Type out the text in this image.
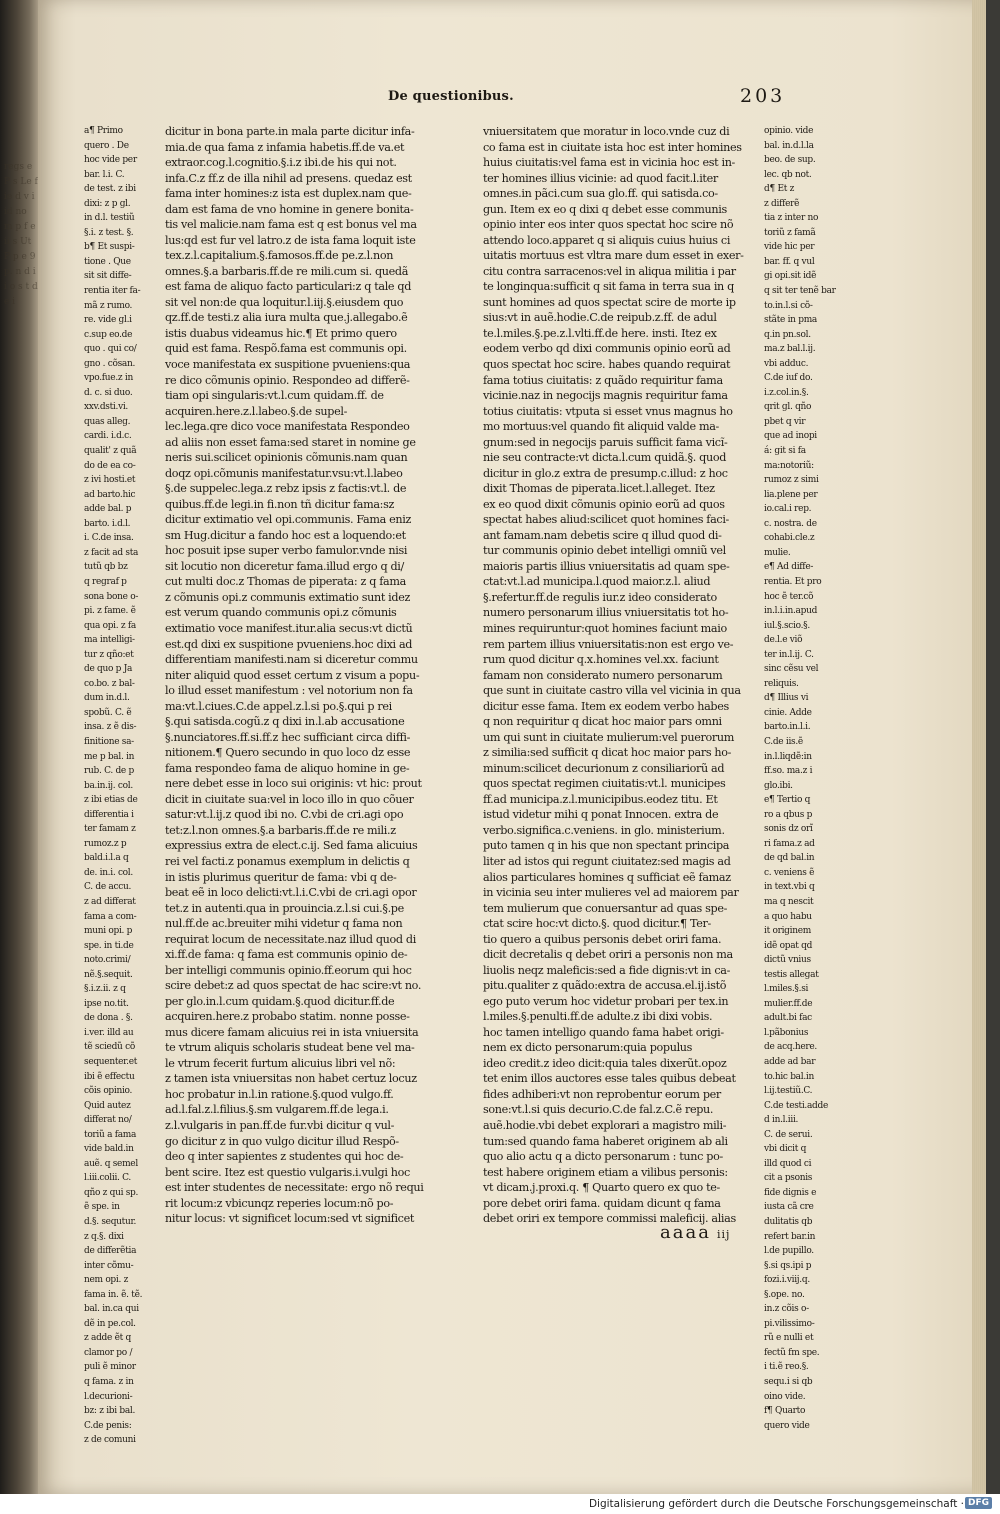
regs e P s Le fie d v i id no m p f e ii s Ut P p e 9 p. n d ii o s t d e i
De questionibus.	203
a¶ Primo
quero . De
hoc vide per
bar. l.i. C.
de test. z ibi
dixi: z p gl.
in d.l. testiũ
§.i. z test. §.
b¶ Et suspi-
tione . Que
sit sit diffe-
rentia iter fa-
mã z rumo.
re. vide gl.i
c.sup eo.de
quo . qui co/
gno . cõsan.
vpo.fue.z in
d. c. si duo.
xxv.dsti.vi.
quas alleg.
cardi. i.d.c.
qualit' z quã
do de ea co-
z ivi hosti.et
ad barto.hic
adde bal. p
barto. i.d.l.
i. C.de insa.
z facit ad sta
tutũ qb bz
q regraf p
sona bone o-
pi. z fame. ẽ
qua opi. z fa
ma intelligi-
tur z qño:et
de quo p Ja
co.bo. z bal-
dum in.d.l.
spobũ. C. ẽ
insa. z ẽ dis-
finitione sa-
me p bal. in
rub. C. de p
ba.in.ij. col.
z ibi etias de
differentia i
ter famam z
rumoz.z p
bald.i.l.a q
de. in.i. col.
C. de accu.
z ad differat
fama a com-
muni opi. p
spe. in ti.de
noto.crimi/
nẽ.§.sequit.
§.i.z.ii. z q
ipse no.tit.
de dona . §.
i.ver. illd au
tẽ sciedũ cõ
sequenter.et
ibi ẽ effectu
cõis opinio.
Quid autez
differat no/
toriũ a fama
vide bald.in
auẽ. q semel
l.iii.colii. C.
qño z qui sp.
ẽ spe. in
d.§. sequtur.
z q.§. dixi
de differẽtia
inter cõmu-
nem opi. z
fama in. ẽ. tẽ.
bal. in.ca qui
dẽ in pe.col.
z adde ẽt q
clamor po /
puli ẽ minor
q fama. z in
l.decurioni-
bz: z ibi bal.
C.de penis:
z de comuni
dicitur in bona parte.in mala parte dicitur infa-
mia.de qua fama z infamia habetis.ff.de va.et
extraor.cog.l.cognitio.§.i.z ibi.de his qui not.
infa.C.z ff.z de illa nihil ad presens. quedaz est
fama inter homines:z ista est duplex.nam que-
dam est fama de vno homine in genere bonita-
tis vel malicie.nam fama est q est bonus vel ma
lus:qd est fur vel latro.z de ista fama loquit iste
tex.z.l.capitalium.§.famosos.ff.de pe.z.l.non
omnes.§.a barbaris.ff.de re mili.cum si. quedã
est fama de aliquo facto particulari:z q tale qd
sit vel non:de qua loquitur.l.iij.§.eiusdem quo
qz.ff.de testi.z alia iura multa que.j.allegabo.ẽ
istis duabus videamus hic.¶ Et primo quero
quid est fama. Respõ.fama est communis opi.
voce manifestata ex suspitione pvueniens:qua
re dico cõmunis opinio. Respondeo ad differẽ-
tiam opi singularis:vt.l.cum quidam.ff. de
acquiren.here.z.l.labeo.§.de supel-
lec.lega.qre dico voce manifestata Respondeo
ad aliis non esset fama:sed staret in nomine ge
neris sui.scilicet opinionis cõmunis.nam quan
doqz opi.cõmunis manifestatur.vsu:vt.l.labeo
§.de suppelec.lega.z rebz ipsis z factis:vt.l. de
quibus.ff.de legi.in fi.non tñ dicitur fama:sz
dicitur extimatio vel opi.communis. Fama eniz
sm Hug.dicitur a fando hoc est a loquendo:et
hoc posuit ipse super verbo famulor.vnde nisi
sit locutio non diceretur fama.illud ergo q di/
cut multi doc.z Thomas de piperata: z q fama
z cõmunis opi.z communis extimatio sunt idez
est verum quando communis opi.z cõmunis
extimatio voce manifest.itur.alia secus:vt dictũ
est.qd dixi ex suspitione pvueniens.hoc dixi ad
differentiam manifesti.nam si diceretur commu
niter aliquid quod esset certum z visum a popu-
lo illud esset manifestum : vel notorium non fa
ma:vt.l.ciues.C.de appel.z.l.si po.§.qui p rei
§.qui satisda.cogũ.z q dixi in.l.ab accusatione
§.nunciatores.ff.si.ff.z hec sufficiant circa diffi-
nitionem.¶ Quero secundo in quo loco dz esse
fama respondeo fama de aliquo homine in ge-
nere debet esse in loco sui originis: vt hic: prout
dicit in ciuitate sua:vel in loco illo in quo cõuer
satur:vt.l.ij.z quod ibi no. C.vbi de cri.agi opo
tet:z.l.non omnes.§.a barbaris.ff.de re mili.z
expressius extra de elect.c.ij. Sed fama alicuius
rei vel facti.z ponamus exemplum in delictis q
in istis plurimus queritur de fama: vbi q de-
beat eẽ in loco delicti:vt.l.i.C.vbi de cri.agi opor
tet.z in autenti.qua in prouincia.z.l.si cui.§.pe
nul.ff.de ac.breuiter mihi videtur q fama non
requirat locum de necessitate.naz illud quod di
xi.ff.de fama: q fama est communis opinio de-
ber intelligi communis opinio.ff.eorum qui hoc
scire debet:z ad quos spectat de hac scire:vt no.
per glo.in.l.cum quidam.§.quod dicitur.ff.de
acquiren.here.z probabo statim. nonne posse-
mus dicere famam alicuius rei in ista vniuersita
te vtrum aliquis scholaris studeat bene vel ma-
le vtrum fecerit furtum alicuius libri vel nõ:
z tamen ista vniuersitas non habet certuz locuz
hoc probatur in.l.in ratione.§.quod vulgo.ff.
ad.l.fal.z.l.filius.§.sm vulgarem.ff.de lega.i.
z.l.vulgaris in pan.ff.de fur.vbi dicitur q vul-
go dicitur z in quo vulgo dicitur illud Respõ-
deo q inter sapientes z studentes qui hoc de-
bent scire. Itez est questio vulgaris.i.vulgi hoc
est inter studentes de necessitate: ergo nõ requi
rit locum:z vbicunqz reperies locum:nõ po-
nitur locus: vt significet locum:sed vt significet
vniuersitatem que moratur in loco.vnde cuz di
co fama est in ciuitate ista hoc est inter homines
huius ciuitatis:vel fama est in vicinia hoc est in-
ter homines illius vicinie: ad quod facit.l.iter
omnes.in pãci.cum sua glo.ff. qui satisda.co-
gun. Item ex eo q dixi q debet esse communis
opinio inter eos inter quos spectat hoc scire nõ
attendo loco.apparet q si aliquis cuius huius ci
uitatis mortuus est vltra mare dum esset in exer-
citu contra sarracenos:vel in aliqua militia i par
te longinqua:sufficit q sit fama in terra sua in q
sunt homines ad quos spectat scire de morte ip
sius:vt in auẽ.hodie.C.de reipub.z.ff. de adul
te.l.miles.§.pe.z.l.vlti.ff.de here. insti. Itez ex
eodem verbo qd dixi communis opinio eorũ ad
quos spectat hoc scire. habes quando requirat
fama totius ciuitatis: z quãdo requiritur fama
vicinie.naz in negocijs magnis requiritur fama
totius ciuitatis: vtputa si esset vnus magnus ho
mo mortuus:vel quando fit aliquid valde ma-
gnum:sed in negocijs paruis sufficit fama vicĩ-
nie seu contracte:vt dicta.l.cum quidã.§. quod
dicitur in glo.z extra de presump.c.illud: z hoc
dixit Thomas de piperata.licet.l.alleget. Itez
ex eo quod dixit cõmunis opinio eorũ ad quos
spectat habes aliud:scilicet quot homines faci-
ant famam.nam debetis scire q illud quod di-
tur communis opinio debet intelligi omniũ vel
maioris partis illius vniuersitatis ad quam spe-
ctat:vt.l.ad municipa.l.quod maior.z.l. aliud
§.refertur.ff.de regulis iur.z ideo considerato
numero personarum illius vniuersitatis tot ho-
mines requiruntur:quot homines faciunt maio
rem partem illius vniuersitatis:non est ergo ve-
rum quod dicitur q.x.homines vel.xx. faciunt
famam non considerato numero personarum
que sunt in ciuitate castro villa vel vicinia in qua
dicitur esse fama. Item ex eodem verbo habes
q non requiritur q dicat hoc maior pars omni
um qui sunt in ciuitate mulierum:vel puerorum
z similia:sed sufficit q dicat hoc maior pars ho-
minum:scilicet decurionum z consiliariorũ ad
quos spectat regimen ciuitatis:vt.l. municipes
ff.ad municipa.z.l.municipibus.eodez titu. Et
istud videtur mihi q ponat Innocen. extra de
verbo.significa.c.veniens. in glo. ministerium.
puto tamen q in his que non spectant principa
liter ad istos qui regunt ciuitatez:sed magis ad
alios particulares homines q sufficiat eẽ famaz
in vicinia seu inter mulieres vel ad maiorem par
tem mulierum que conuersantur ad quas spe-
ctat scire hoc:vt dicto.§. quod dicitur.¶ Ter-
tio quero a quibus personis debet oriri fama.
dicit decretalis q debet oriri a personis non ma
liuolis neqz maleficis:sed a fide dignis:vt in ca-
pitu.qualiter z quãdo:extra de accusa.el.ij.istõ
ego puto verum hoc videtur probari per tex.in
l.miles.§.penulti.ff.de adulte.z ibi dixi vobis.
hoc tamen intelligo quando fama habet origi-
nem ex dicto personarum:quia populus
ideo credit.z ideo dicit:quia tales dixerũt.opoz
tet enim illos auctores esse tales quibus debeat
fides adhiberi:vt non reprobentur eorum per
sone:vt.l.si quis decurio.C.de fal.z.C.ẽ repu.
auẽ.hodie.vbi debet explorari a magistro mili-
tum:sed quando fama haberet originem ab ali
quo alio actu q a dicto personarum : tunc po-
test habere originem etiam a vilibus personis:
vt dicam.j.proxi.q. ¶ Quarto quero ex quo te-
pore debet oriri fama. quidam dicunt q fama
debet oriri ex tempore commissi maleficij. alias
opinio. vide
bal. in.d.l.la
beo. de sup.
lec. qb not.
d¶ Et z
z differẽ
tia z inter no
toriũ z famã
vide hic per
bar. ff. q vul
gi opi.sit idẽ
q sit ter tenẽ bar
to.in.l.si cõ-
stãte in pma
q.in pn.sol.
ma.z bal.l.ij.
vbi adduc.
C.de iuf do.
i.z.col.in.§.
qrit gl. qño
pbet q vir
que ad inopi
á: git si fa
ma:notoriũ:
rumoz z simi
lia.plene per
io.cal.i rep.
c. nostra. de
cohabi.cle.z
mulie.
e¶ Ad diffe-
rentia. Et pro
hoc ẽ ter.cõ
in.l.i.in.apud
iul.§.scio.§.
de.l.e viõ
ter in.l.ij. C.
sinc cẽsu vel
reliquis.
d¶ Illius vi
cinie. Adde
barto.in.l.i.
C.de iis.ẽ
in.l.liqdẽ:in
ff.so. ma.z i
glo.ibi.
e¶ Tertio q
ro a qbus p
sonis dz orĩ
ri fama.z ad
de qd bal.in
c. veniens ẽ
in text.vbi q
ma q nescit
a quo habu
it originem
idẽ opat qd
dictũ vnius
testis allegat
l.miles.§.si
mulier.ff.de
adult.bi fac
l.pãbonius
de acq.here.
adde ad bar
to.hic bal.in
l.ij.testiũ.C.
C.de testi.adde
d in.l.iii.
C. de serui.
vbi dicit q
illd quod ci
cit a psonis
fide dignis e
iusta cã cre
dulitatis qb
refert bar.in
l.de pupillo.
§.si qs.ipi p
fozi.i.viij.q.
§.ope. no.
in.z cõis o-
pi.vilissimo-
rũ e nulli et
fectũ fm spe.
i ti.ẽ reo.§.
sequ.i si qb
oino vide.
f¶ Quarto
quero vide
aaaa iij
Digitalisierung gefördert durch die Deutsche Forschungsgemeinschaft · DFG
